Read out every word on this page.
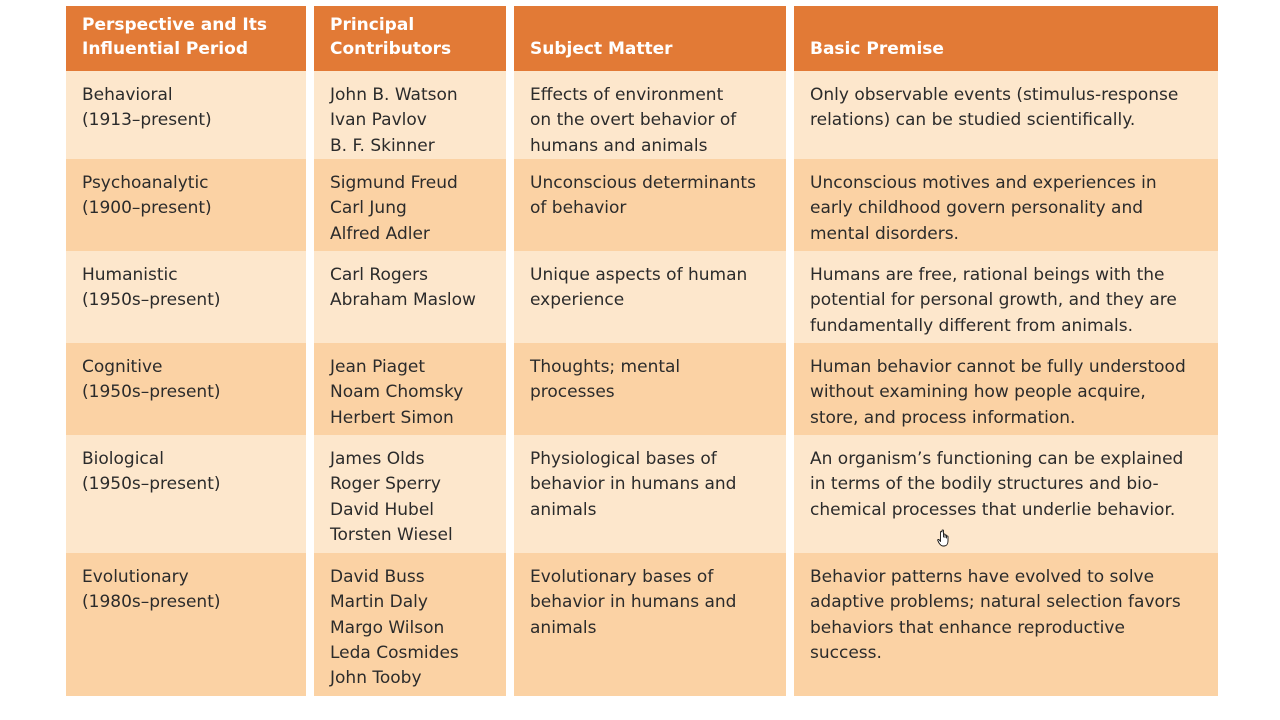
Perspective and Its
Influential Period
Principal
Contributors	Subject Matter	Basic Premise
Behavioral
(1913–present)
John B. Watson
Ivan Pavlov
B. F. Skinner
Effects of environment
on the overt behavior of
humans and animals
Only observable events (stimulus-response
relations) can be studied scientifically.
Psychoanalytic
(1900–present)
Sigmund Freud
Carl Jung
Alfred Adler
Unconscious determinants
of behavior
Unconscious motives and experiences in
early childhood govern personality and
mental disorders.
Humanistic
(1950s–present)
Carl Rogers
Abraham Maslow
Unique aspects of human
experience
Humans are free, rational beings with the
potential for personal growth, and they are
fundamentally different from animals.
Cognitive
(1950s–present)
Jean Piaget
Noam Chomsky
Herbert Simon
Thoughts; mental processes
Human behavior cannot be fully understood
without examining how people acquire,
store, and process information.
Biological
(1950s–present)
James Olds
Roger Sperry
David Hubel
Torsten Wiesel
Physiological bases of
behavior in humans and
animals
An organism’s functioning can be explained
in terms of the bodily structures and bio-
chemical processes that underlie behavior.
Evolutionary
(1980s–present)
David Buss
Martin Daly
Margo Wilson
Leda Cosmides
John Tooby
Evolutionary bases of
behavior in humans and
animals
Behavior patterns have evolved to solve
adaptive problems; natural selection favors
behaviors that enhance reproductive success.
